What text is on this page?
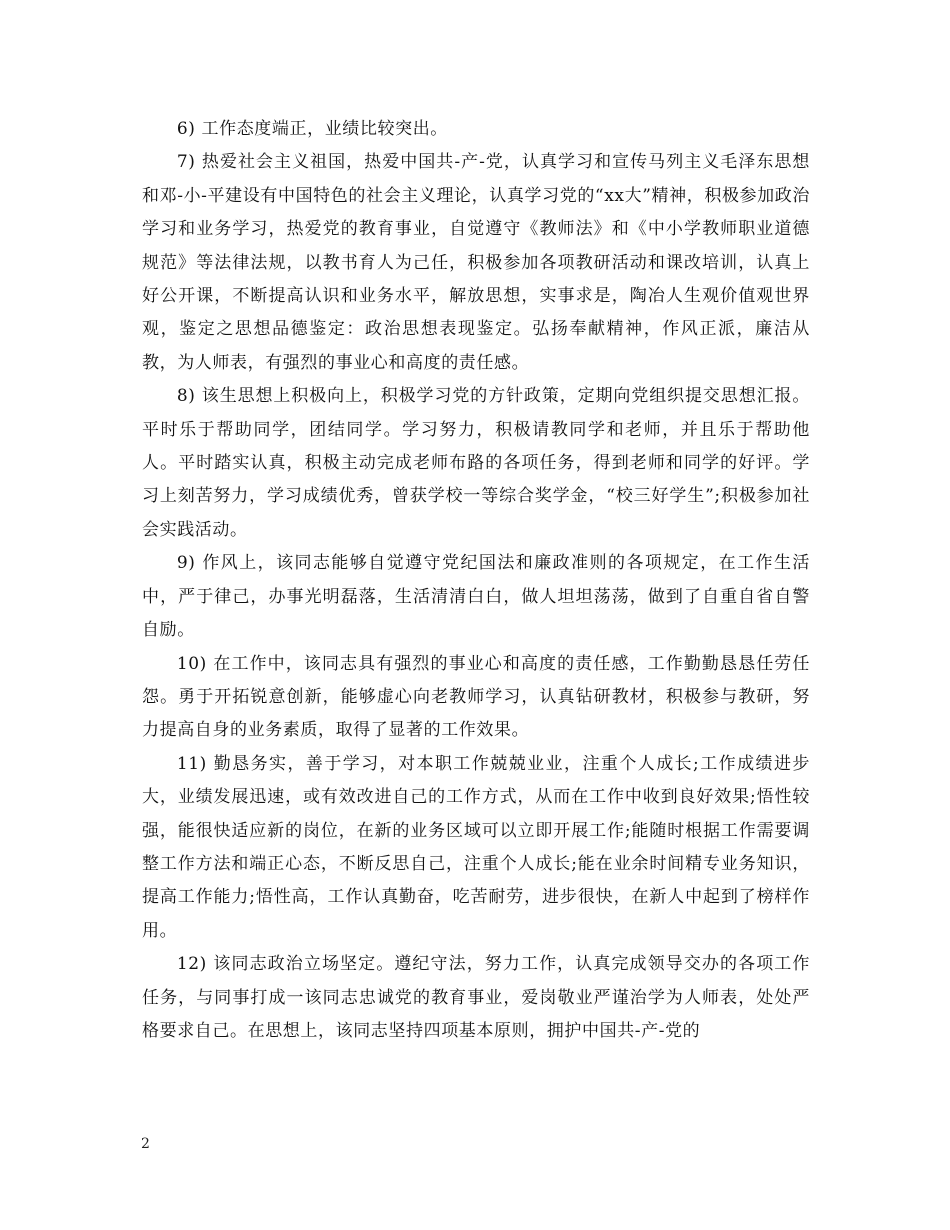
6) 工作态度端正，业绩比较突出。

7) 热爱社会主义祖国，热爱中国共-产-党，认真学习和宣传马列主义毛泽东思想和邓-小-平建设有中国特色的社会主义理论，认真学习党的“xx大”精神，积极参加政治学习和业务学习，热爱党的教育事业，自觉遵守《教师法》和《中小学教师职业道德规范》等法律法规，以教书育人为己任，积极参加各项教研活动和课改培训，认真上好公开课，不断提高认识和业务水平，解放思想，实事求是，陶冶人生观价值观世界观，鉴定之思想品德鉴定：政治思想表现鉴定。弘扬奉献精神，作风正派，廉洁从教，为人师表，有强烈的事业心和高度的责任感。

8) 该生思想上积极向上，积极学习党的方针政策，定期向党组织提交思想汇报。平时乐于帮助同学，团结同学。学习努力，积极请教同学和老师，并且乐于帮助他人。平时踏实认真，积极主动完成老师布路的各项任务，得到老师和同学的好评。学习上刻苦努力，学习成绩优秀，曾获学校一等综合奖学金，“校三好学生”;积极参加社会实践活动。

9) 作风上，该同志能够自觉遵守党纪国法和廉政准则的各项规定，在工作生活中，严于律己，办事光明磊落，生活清清白白，做人坦坦荡荡，做到了自重自省自警自励。

10) 在工作中，该同志具有强烈的事业心和高度的责任感，工作勤勤恳恳任劳任怨。勇于开拓锐意创新，能够虚心向老教师学习，认真钻研教材，积极参与教研，努力提高自身的业务素质，取得了显著的工作效果。

11) 勤恳务实，善于学习，对本职工作兢兢业业，注重个人成长;工作成绩进步大，业绩发展迅速，或有效改进自己的工作方式，从而在工作中收到良好效果;悟性较强，能很快适应新的岗位，在新的业务区域可以立即开展工作;能随时根据工作需要调整工作方法和端正心态，不断反思自己，注重个人成长;能在业余时间精专业务知识，提高工作能力;悟性高，工作认真勤奋，吃苦耐劳，进步很快，在新人中起到了榜样作用。

12) 该同志政治立场坚定。遵纪守法，努力工作，认真完成领导交办的各项工作任务，与同事打成一该同志忠诚党的教育事业，爱岗敬业严谨治学为人师表，处处严格要求自己。在思想上，该同志坚持四项基本原则，拥护中国共-产-党的

2
